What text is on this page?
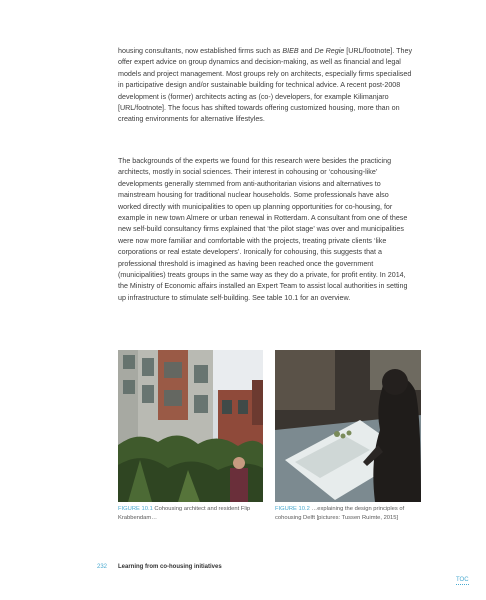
housing consultants, now established firms such as BIEB and De Regie [URL/footnote]. They offer expert advice on group dynamics and decision-making, as well as financial and legal models and project management. Most groups rely on architects, especially firms specialised in participative design and/or sustainable building for technical advice. A recent post-2008 development is (former) architects acting as (co-) developers, for example Kilimanjaro [URL/footnote]. The focus has shifted towards offering customized housing, more than on creating environments for alternative lifestyles.

The backgrounds of the experts we found for this research were besides the practicing architects, mostly in social sciences. Their interest in cohousing or ‘cohousing-like’ developments generally stemmed from anti-authoritarian visions and alternatives to mainstream housing for traditional nuclear households. Some professionals have also worked directly with municipalities to open up planning opportunities for co-housing, for example in new town Almere or urban renewal in Rotterdam. A consultant from one of these new self-build consultancy firms explained that ‘the pilot stage’ was over and municipalities were now more familiar and comfortable with the projects, treating private clients ‘like corporations or real estate developers’. Ironically for cohousing, this suggests that a professional threshold is imagined as having been reached once the government (municipalities) treats groups in the same way as they do a private, for profit entity. In 2014, the Ministry of Economic affairs installed an Expert Team to assist local authorities in setting up infrastructure to stimulate self-building. See table 10.1 for an overview.

FIGURE 10.1 Cohousing architect and resident Flip Krabbendam…
FIGURE 10.2 …explaining the design principles of cohousing Delft [pictures: Tussen Ruimte, 2015]
232 Learning from co-housing initiatives
TOC
